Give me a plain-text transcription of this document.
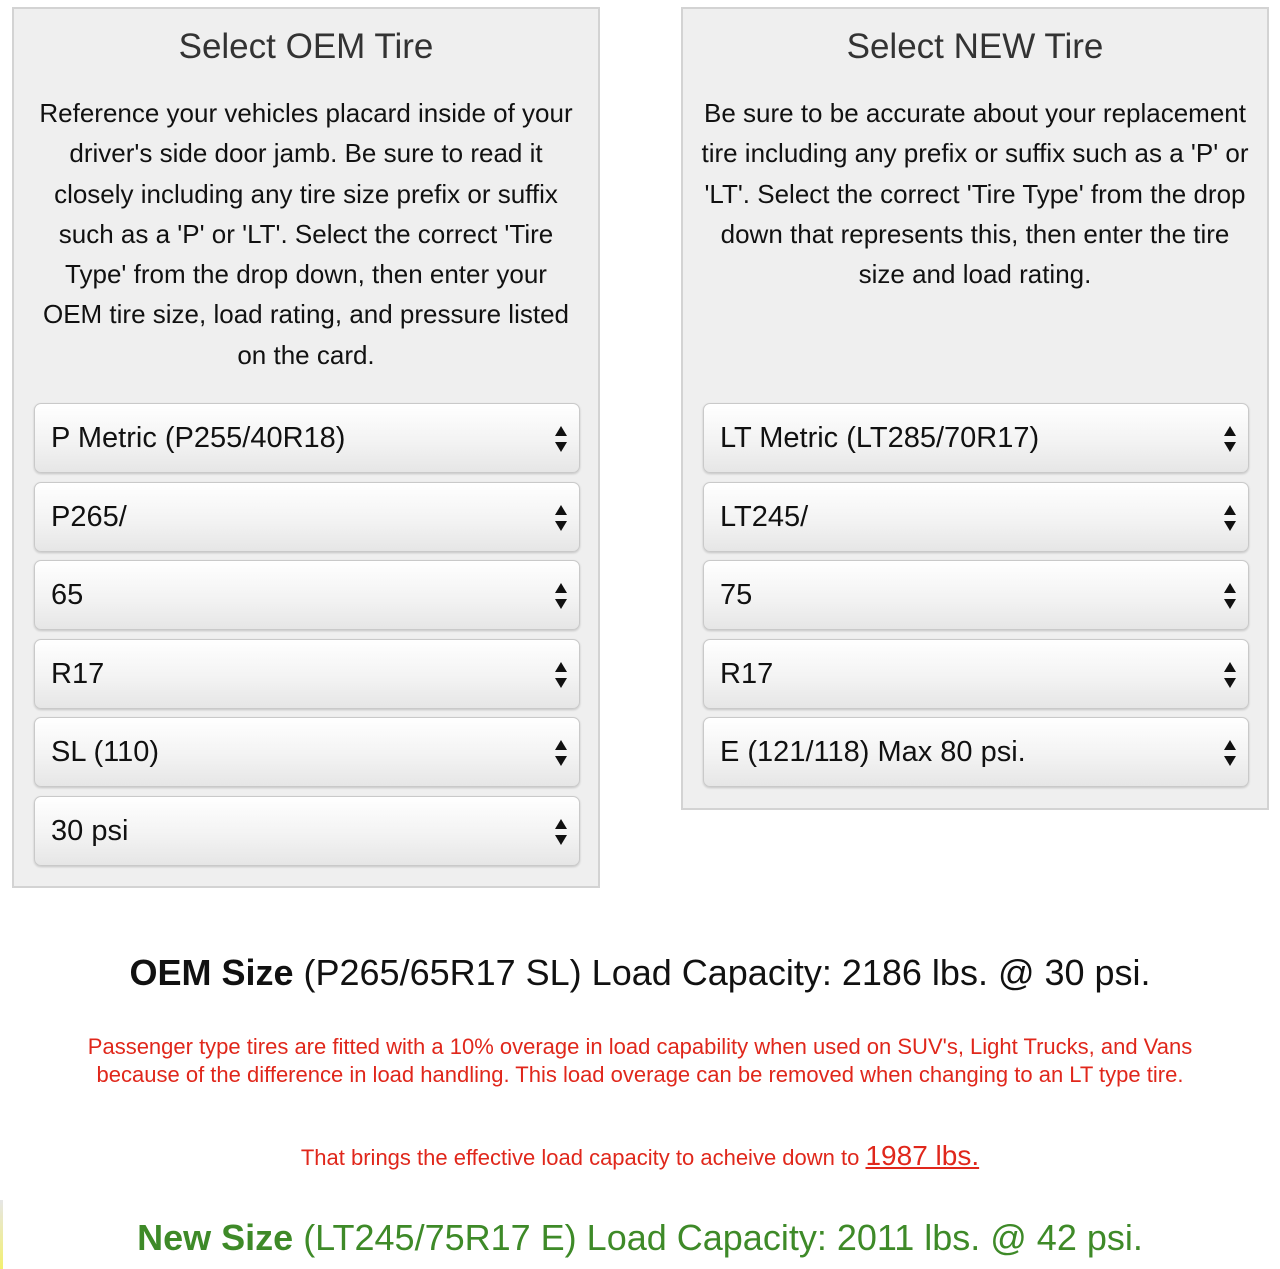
Select OEM Tire

Reference your vehicles placard inside of your driver's side door jamb. Be sure to read it closely including any tire size prefix or suffix such as a 'P' or 'LT'. Select the correct 'Tire Type' from the drop down, then enter your OEM tire size, load rating, and pressure listed on the card.

P Metric (P255/40R18)
P265/
65
R17
SL (110)
30 psi
Select NEW Tire

Be sure to be accurate about your replacement tire including any prefix or suffix such as a 'P' or 'LT'. Select the correct 'Tire Type' from the drop down that represents this, then enter the tire size and load rating.

LT Metric (LT285/70R17)
LT245/
75
R17
E (121/118) Max 80 psi.
OEM Size (P265/65R17 SL) Load Capacity: 2186 lbs. @ 30 psi.
Passenger type tires are fitted with a 10% overage in load capability when used on SUV's, Light Trucks, and Vans because of the difference in load handling. This load overage can be removed when changing to an LT type tire.
That brings the effective load capacity to acheive down to 1987 lbs.
New Size (LT245/75R17 E) Load Capacity: 2011 lbs. @ 42 psi.
